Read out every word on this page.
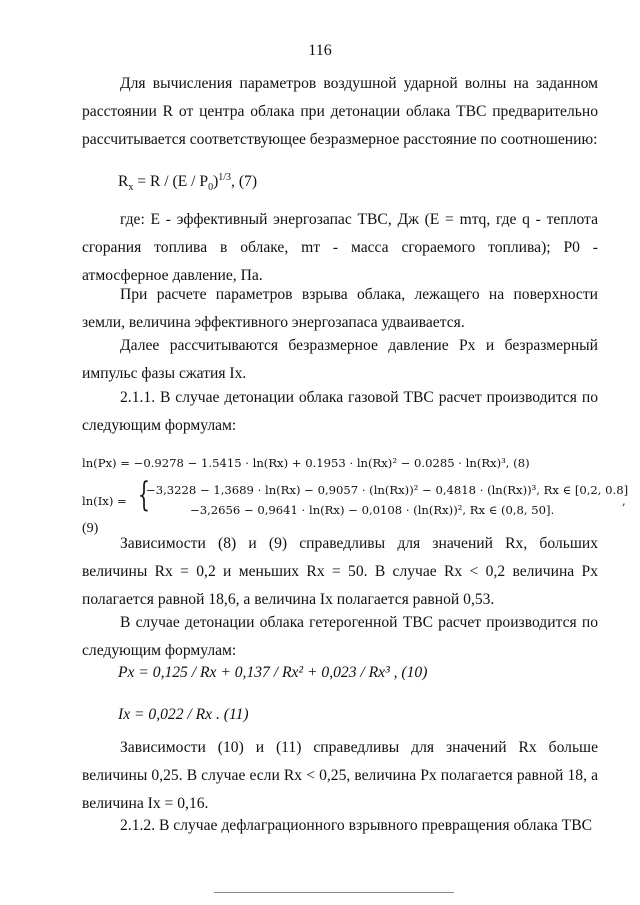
116
Для вычисления параметров воздушной ударной волны на заданном расстоянии R от центра облака при детонации облака ТВС предварительно рассчитывается соответствующее безразмерное расстояние по соотношению:
$R_x = R / (E / P_0)^{1/3}$, (7)
где: E - эффективный энергозапас ТВС, Дж (E = mтq, где q - теплота сгорания топлива в облаке, mт - масса сгораемого топлива); P0 - атмосферное давление, Па.
При расчете параметров взрыва облака, лежащего на поверхности земли, величина эффективного энергозапаса удваивается.
Далее рассчитываются безразмерное давление Px и безразмерный импульс фазы сжатия Ix.
2.1.1. В случае детонации облака газовой ТВС расчет производится по следующим формулам:
ln(Px) = −0.9278 − 1.5415 · ln(Rx) + 0.1953 · ln(Rx)² − 0.0285 · ln(Rx)³, (8)
ln(Ix) = {
−3,3228 − 1,3689 · ln(Rx) − 0,9057 · (ln(Rx))² − 0,4818 · (ln(Rx))³, Rx ∈ [0,2, 0.8]
−3,2656 − 0,9641 · ln(Rx) − 0,0108 · (ln(Rx))², Rx ∈ (0,8, 50].
,
(9)
Зависимости (8) и (9) справедливы для значений Rx, больших величины Rx = 0,2 и меньших Rx = 50. В случае Rx < 0,2 величина Px полагается равной 18,6, а величина Ix полагается равной 0,53.
В случае детонации облака гетерогенной ТВС расчет производится по следующим формулам:
Px = 0,125 / Rx + 0,137 / Rx² + 0,023 / Rx³ , (10)
Ix = 0,022 / Rx . (11)
Зависимости (10) и (11) справедливы для значений Rx больше величины 0,25. В случае если Rx < 0,25, величина Px полагается равной 18, а величина Ix = 0,16.
2.1.2. В случае дефлаграционного взрывного превращения облака ТВС
